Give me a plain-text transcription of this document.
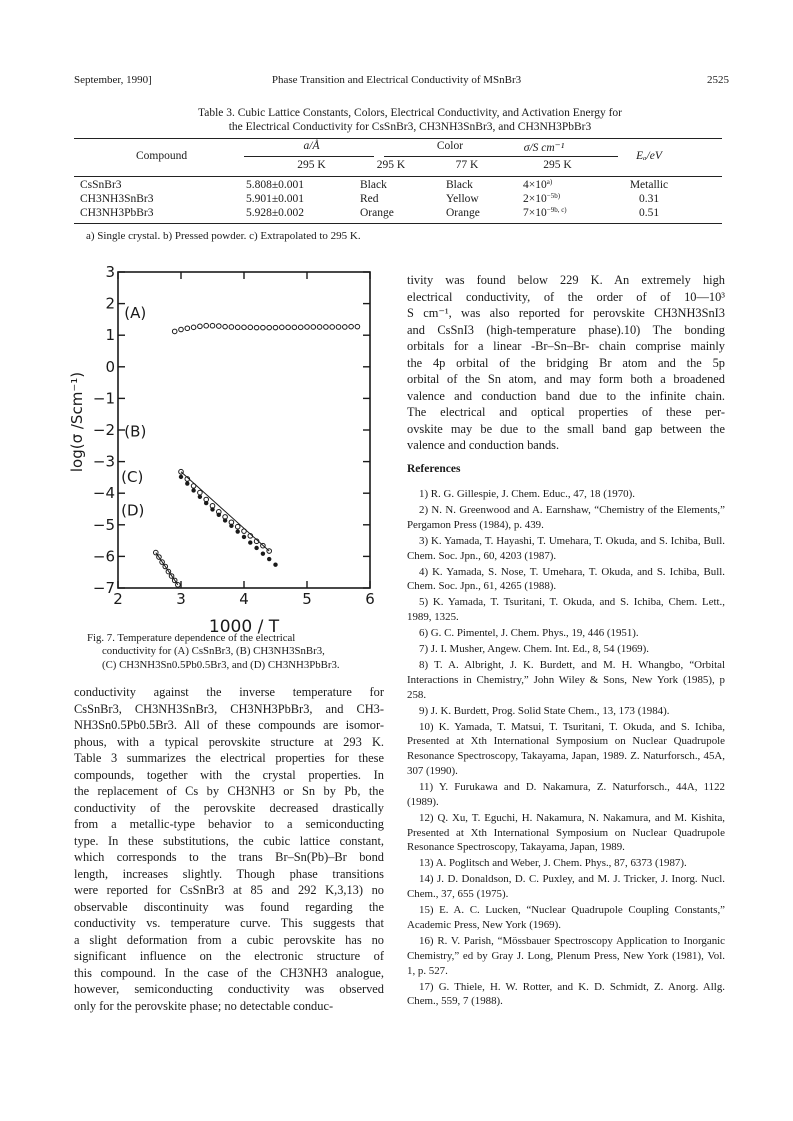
September, 1990]	Phase Transition and Electrical Conductivity of MSnBr3	2525
Table 3. Cubic Lattice Constants, Colors, Electrical Conductivity, and Activation Energy for
the Electrical Conductivity for CsSnBr3, CH3NH3SnBr3, and CH3NH3PbBr3
Compound
a/Å	Color	σ/S cm⁻¹
Eₐ/eV
295 K	295 K	77 K	295 K
CsSnBr3	5.808±0.001	Black	Black	$4\times 10^{a)}$	Metallic
CH3NH3SnBr3	5.901±0.001	Red	Yellow	$2\times 10^{-5b)}$	0.31
CH3NH3PbBr3	5.928±0.002	Orange	Orange	$7\times 10^{-9b, c)}$	0.51
a) Single crystal. b) Pressed powder. c) Extrapolated to 295 K.
2	3	4	5	6
3
2
1
0
−1
−2
−3
−4
−5
−6
−7
1000 / T
log(σ /Scm⁻¹)
(A)
(B)
(C)
(D)
Fig. 7. Temperature dependence of the electrical
conductivity for (A) CsSnBr3, (B) CH3NH3SnBr3,
(C) CH3NH3Sn0.5Pb0.5Br3, and (D) CH3NH3PbBr3.
conductivity against the inverse temperature for
CsSnBr3, CH3NH3SnBr3, CH3NH3PbBr3, and CH3-
NH3Sn0.5Pb0.5Br3. All of these compounds are isomor-
phous, with a typical perovskite structure at 293 K.
Table 3 summarizes the electrical properties for these
compounds, together with the crystal properties. In
the replacement of Cs by CH3NH3 or Sn by Pb, the
conductivity of the perovskite decreased drastically
from a metallic-type behavior to a semiconducting
type. In these substitutions, the cubic lattice constant,
which corresponds to the trans Br–Sn(Pb)–Br bond
length, increases slightly. Though phase transitions
were reported for CsSnBr3 at 85 and 292 K,3,13) no
observable discontinuity was found regarding the
conductivity vs. temperature curve. This suggests that
a slight deformation from a cubic perovskite has no
significant influence on the electronic structure of
this compound. In the case of the CH3NH3 analogue,
however, semiconducting conductivity was observed
only for the perovskite phase; no detectable conduc-
tivity was found below 229 K. An extremely high
electrical conductivity, of the order of of 10—10³
S cm⁻¹, was also reported for perovskite CH3NH3SnI3
and CsSnI3 (high-temperature phase).10) The bonding
orbitals for a linear -Br–Sn–Br- chain comprise mainly
the 4p orbital of the bridging Br atom and the 5p
orbital of the Sn atom, and may form both a broadened
valence and conduction band due to the infinite chain.
The electrical and optical properties of these per-
ovskite may be due to the small band gap between the
valence and conduction bands.
References

1) R. G. Gillespie, J. Chem. Educ., 47, 18 (1970).

2) N. N. Greenwood and A. Earnshaw, “Chemistry of the Elements,” Pergamon Press (1984), p. 439.

3) K. Yamada, T. Hayashi, T. Umehara, T. Okuda, and S. Ichiba, Bull. Chem. Soc. Jpn., 60, 4203 (1987).

4) K. Yamada, S. Nose, T. Umehara, T. Okuda, and S. Ichiba, Bull. Chem. Soc. Jpn., 61, 4265 (1988).

5) K. Yamada, T. Tsuritani, T. Okuda, and S. Ichiba, Chem. Lett., 1989, 1325.

6) G. C. Pimentel, J. Chem. Phys., 19, 446 (1951).

7) J. I. Musher, Angew. Chem. Int. Ed., 8, 54 (1969).

8) T. A. Albright, J. K. Burdett, and M. H. Whangbo, “Orbital Interactions in Chemistry,” John Wiley & Sons, New York (1985), p 258.

9) J. K. Burdett, Prog. Solid State Chem., 13, 173 (1984).

10) K. Yamada, T. Matsui, T. Tsuritani, T. Okuda, and S. Ichiba, Presented at Xth International Symposium on Nuclear Quadrupole Resonance Spectroscopy, Takayama, Japan, 1989. Z. Naturforsch., 45A, 307 (1990).

11) Y. Furukawa and D. Nakamura, Z. Naturforsch., 44A, 1122 (1989).

12) Q. Xu, T. Eguchi, H. Nakamura, N. Nakamura, and M. Kishita, Presented at Xth International Symposium on Nuclear Quadrupole Resonance Spectroscopy, Takayama, Japan, 1989.

13) A. Poglitsch and Weber, J. Chem. Phys., 87, 6373 (1987).

14) J. D. Donaldson, D. C. Puxley, and M. J. Tricker, J. Inorg. Nucl. Chem., 37, 655 (1975).

15) E. A. C. Lucken, “Nuclear Quadrupole Coupling Constants,” Academic Press, New York (1969).

16) R. V. Parish, “Mössbauer Spectroscopy Application to Inorganic Chemistry,” ed by Gray J. Long, Plenum Press, New York (1981), Vol. 1, p. 527.

17) G. Thiele, H. W. Rotter, and K. D. Schmidt, Z. Anorg. Allg. Chem., 559, 7 (1988).
